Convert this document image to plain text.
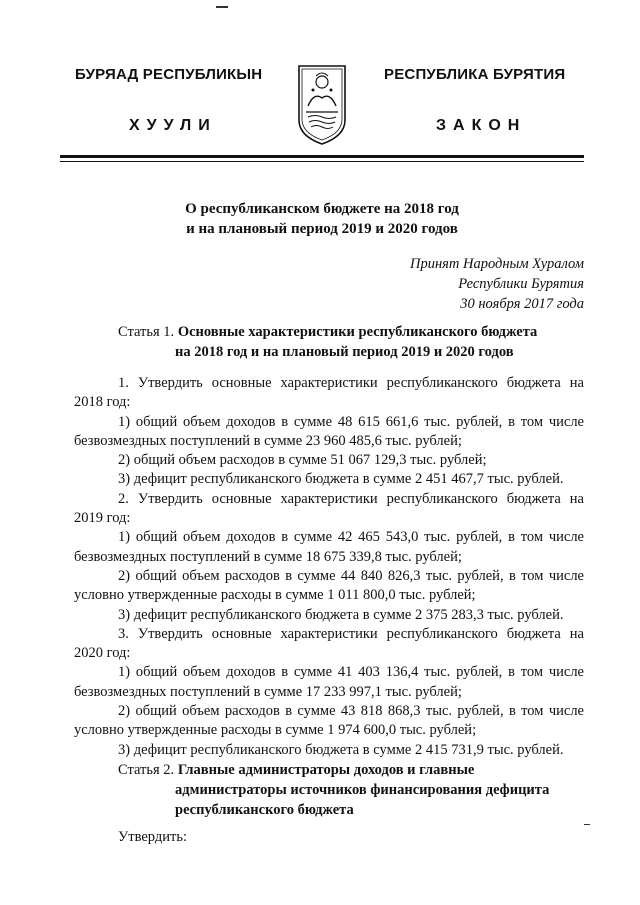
БУРЯАД РЕСПУБЛИКЫН	РЕСПУБЛИКА БУРЯТИЯ
ХУУЛИ	ЗАКОН
О республиканском бюджете на 2018 год
и на плановый период 2019 и 2020 годов
Принят Народным Хуралом
Республики Бурятия
30 ноября 2017 года
Статья 1. Основные характеристики республиканского бюджета
на 2018 год и на плановый период 2019 и 2020 годов

1. Утвердить основные характеристики республиканского бюджета на 2018 год:

1) общий объем доходов в сумме 48 615 661,6 тыс. рублей, в том числе безвозмездных поступлений в сумме 23 960 485,6 тыс. рублей;

2) общий объем расходов в сумме 51 067 129,3 тыс. рублей;

3) дефицит республиканского бюджета в сумме 2 451 467,7 тыс. рублей.

2. Утвердить основные характеристики республиканского бюджета на 2019 год:

1) общий объем доходов в сумме 42 465 543,0 тыс. рублей, в том числе безвозмездных поступлений в сумме 18 675 339,8 тыс. рублей;

2) общий объем расходов в сумме 44 840 826,3 тыс. рублей, в том числе условно утвержденные расходы в сумме 1 011 800,0 тыс. рублей;

3) дефицит республиканского бюджета в сумме 2 375 283,3 тыс. рублей.

3. Утвердить основные характеристики республиканского бюджета на 2020 год:

1) общий объем доходов в сумме 41 403 136,4 тыс. рублей, в том числе безвозмездных поступлений в сумме 17 233 997,1 тыс. рублей;

2) общий объем расходов в сумме 43 818 868,3 тыс. рублей, в том числе условно утвержденные расходы в сумме 1 974 600,0 тыс. рублей;

3) дефицит республиканского бюджета в сумме 2 415 731,9 тыс. рублей.

Статья 2. Главные администраторы доходов и главные
администраторы источников финансирования дефицита
республиканского бюджета
Утвердить:
